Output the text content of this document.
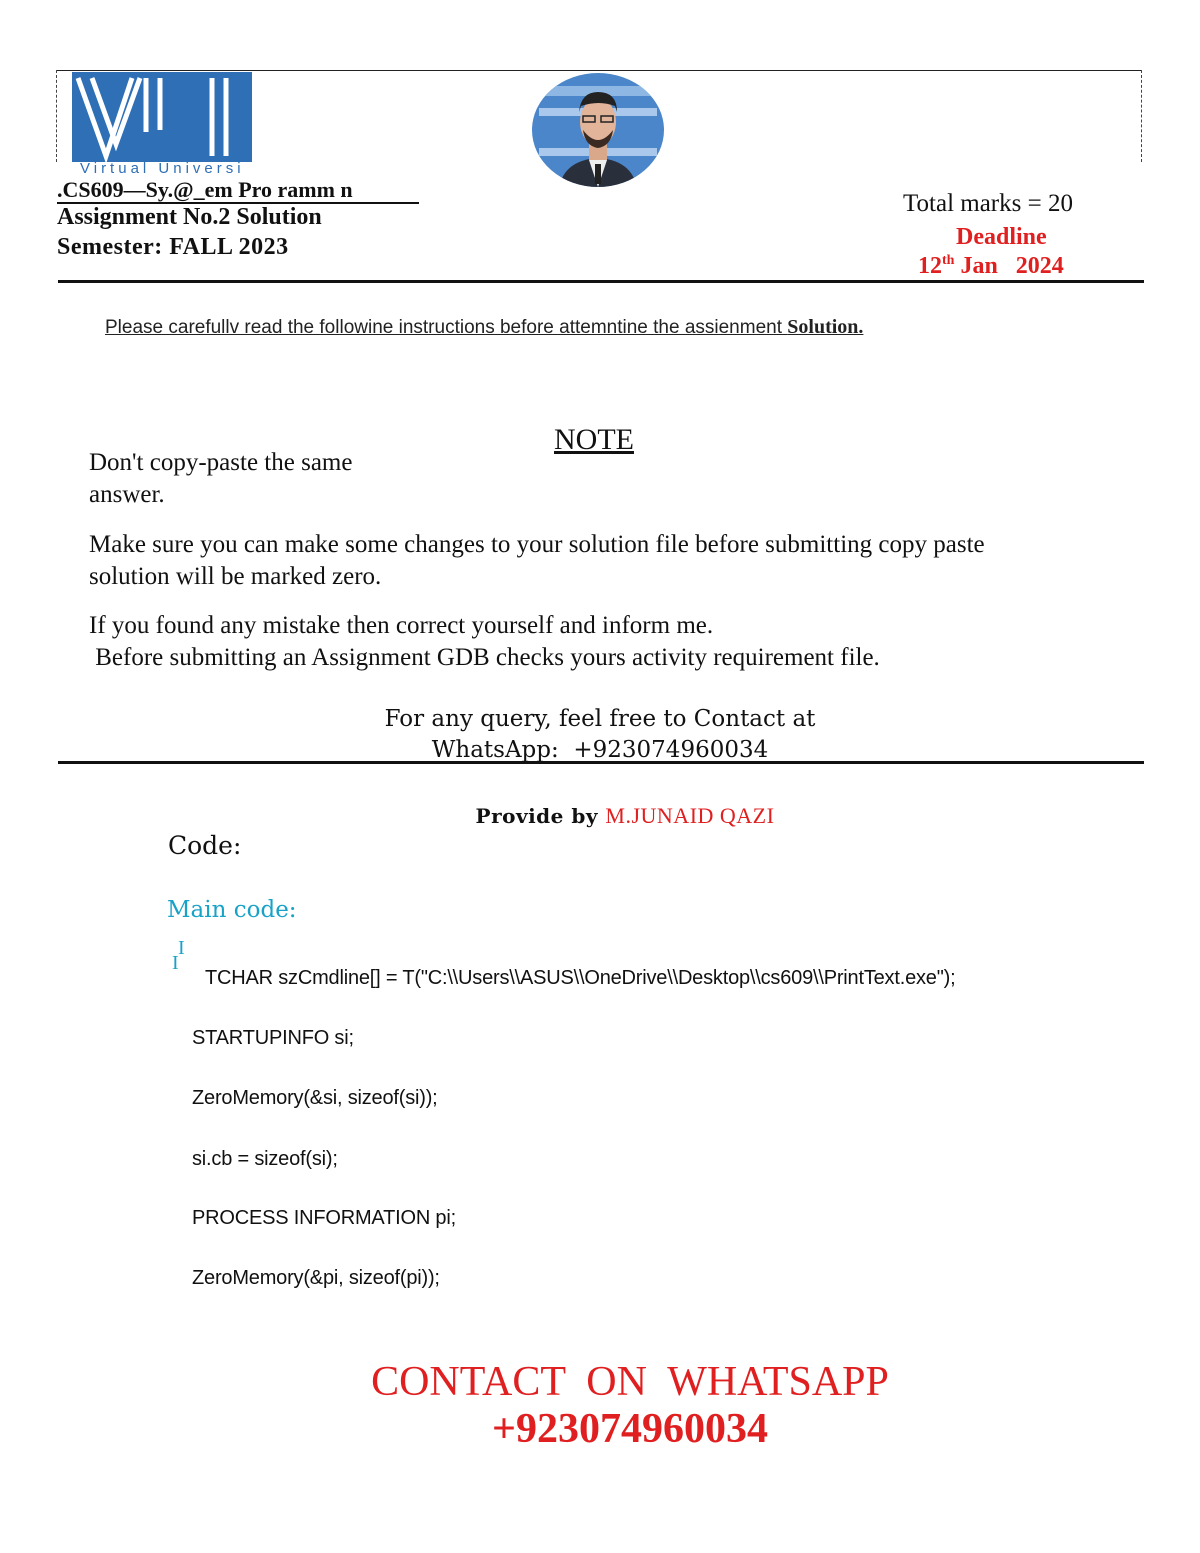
Virtual Universi
.CS609—Sy.@_em Pro ramm n
Assignment No.2 Solution
Semester: FALL 2023
Total marks = 20
Deadline
12th Jan   2024
Please carefullv read the followine instructions before attemntine the assienment Solution.
NOTE
Don't copy-paste the same
answer.
Make sure you can make some changes to your solution file before submitting copy paste
solution will be marked zero.
If you found any mistake then correct yourself and inform me.
Before submitting an Assignment GDB checks yours activity requirement file.
For any query, feel free to Contact at
WhatsApp:  +923074960034
Provide by M.JUNAID QAZI
Code:
Main code:
I
I
TCHAR szCmdline[] = T("C:\\Users\\ASUS\\OneDrive\\Desktop\\cs609\\PrintText.exe");
STARTUPINFO si;
ZeroMemory(&si, sizeof(si));
si.cb = sizeof(si);
PROCESS INFORMATION pi;
ZeroMemory(&pi, sizeof(pi));
CONTACT  ON  WHATSAPP
+923074960034
